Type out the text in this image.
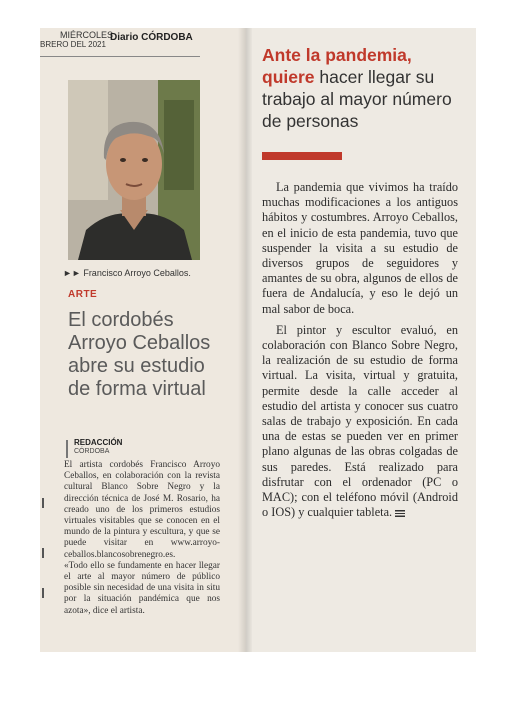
MIÉRCOLES
BRERO DEL 2021
Diario CÓRDOBA
►► Francisco Arroyo Ceballos.
ARTE
El cordobés Arroyo Ceballos abre su estudio de forma virtual
REDACCIÓN
CÓRDOBA

El artista cordobés Francisco Arroyo Ceballos, en colaboración con la revista cultural Blanco Sobre Negro y la dirección técnica de José M. Rosario, ha creado uno de los primeros estudios virtuales visitables que se conocen en el mundo de la pintura y escultura, y que se puede visitar en www.arroyo-ceballos.blancosobrenegro.es.

«Todo ello se fundamente en hacer llegar el arte al mayor número de público posible sin necesidad de una visita in situ por la situación pandémica que nos azota», dice el artista.

Ante la pandemia, quiere hacer llegar su trabajo al mayor número de personas

La pandemia que vivimos ha traído muchas modificaciones a los antiguos hábitos y costumbres. Arroyo Ceballos, en el inicio de esta pandemia, tuvo que suspender la visita a su estudio de diversos grupos de seguidores y amantes de su obra, algunos de ellos de fuera de Andalucía, y eso le dejó un mal sabor de boca.

El pintor y escultor evaluó, en colaboración con Blanco Sobre Negro, la realización de su estudio de forma virtual. La visita, virtual y gratuita, permite desde la calle acceder al estudio del artista y conocer sus cuatro salas de trabajo y exposición. En cada una de estas se pueden ver en primer plano algunas de las obras colgadas de sus paredes. Está realizado para disfrutar con el ordenador (PC o MAC); con el teléfono móvil (Android o IOS) y cualquier tableta.
